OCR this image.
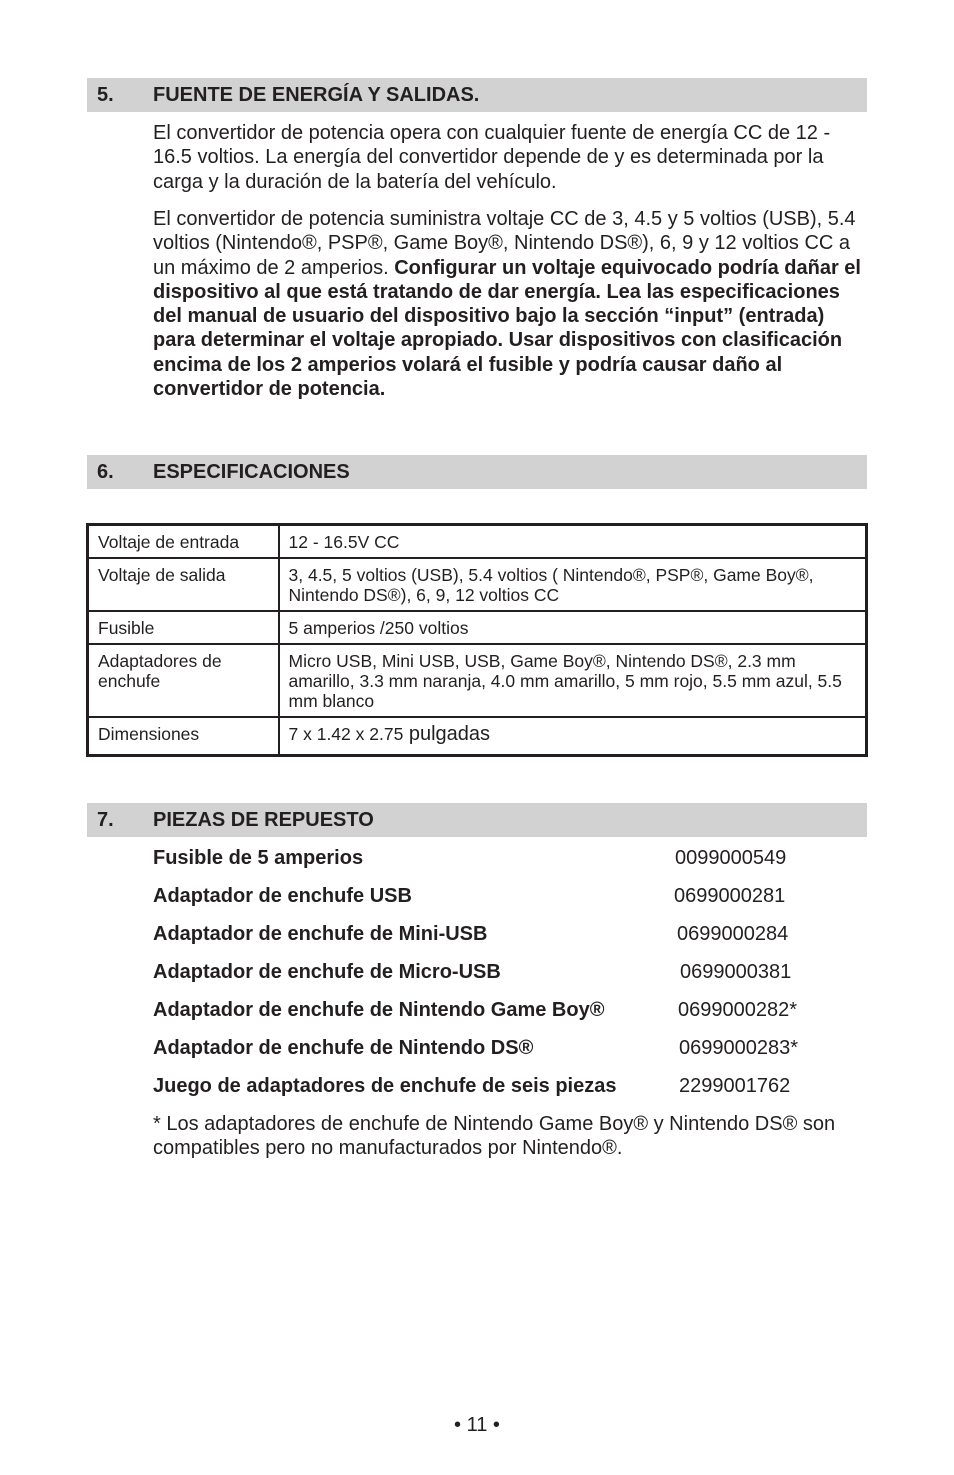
5. FUENTE DE ENERGÍA Y SALIDAS.

El convertidor de potencia opera con cualquier fuente de energía CC de 12 - 16.5 voltios. La energía del convertidor depende de y es determinada por la carga y la duración de la batería del vehículo.

El convertidor de potencia suministra voltaje CC de 3, 4.5 y 5 voltios (USB), 5.4 voltios (Nintendo®, PSP®, Game Boy®, Nintendo DS®), 6, 9 y 12 voltios CC a un máximo de 2 amperios. Configurar un voltaje equivocado podría dañar el dispositivo al que está tratando de dar energía. Lea las especificaciones del manual de usuario del dispositivo bajo la sección “input” (entrada) para determinar el voltaje apropiado. Usar dispositivos con clasificación encima de los 2 amperios volará el fusible y podría causar daño al convertidor de potencia.

6. ESPECIFICACIONES
Voltaje de entrada	12 - 16.5V CC
Voltaje de salida	3, 4.5, 5 voltios (USB), 5.4 voltios ( Nintendo®, PSP®, Game Boy®, Nintendo DS®), 6, 9, 12 voltios CC
Fusible	5 amperios /250 voltios
Adaptadores de enchufe	Micro USB, Mini USB, USB, Game Boy®, Nintendo DS®, 2.3 mm amarillo, 3.3 mm naranja, 4.0 mm amarillo, 5 mm rojo, 5.5 mm azul, 5.5 mm blanco
Dimensiones	7 x 1.42 x 2.75 pulgadas
7. PIEZAS DE REPUESTO
Fusible de 5 amperios	0099000549
Adaptador de enchufe USB	0699000281
Adaptador de enchufe de Mini-USB	0699000284
Adaptador de enchufe de Micro-USB	0699000381
Adaptador de enchufe de Nintendo Game Boy®	0699000282*
Adaptador de enchufe de Nintendo DS®	0699000283*
Juego de adaptadores de enchufe de seis piezas	2299001762

* Los adaptadores de enchufe de Nintendo Game Boy® y Nintendo DS® son compatibles pero no manufacturados por Nintendo®.

• 11 •
